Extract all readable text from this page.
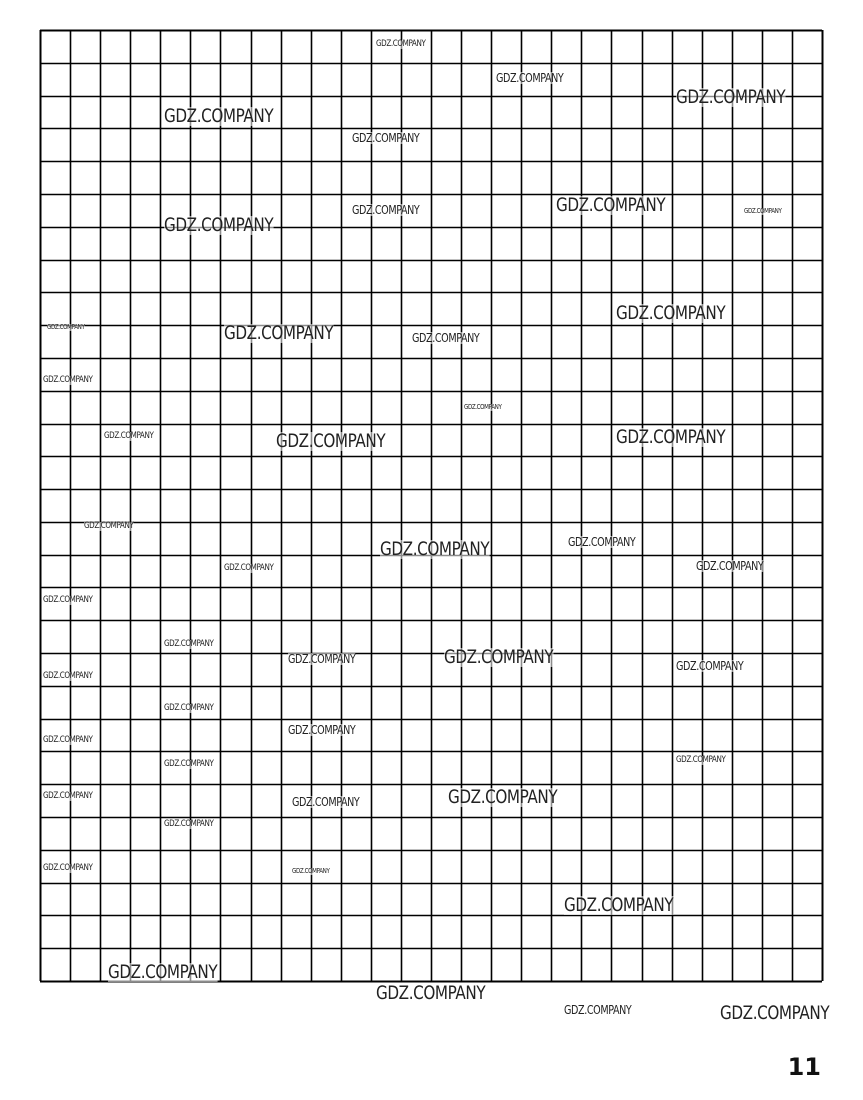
GDZ.COMPANY
GDZ.COMPANY
GDZ.COMPANY
GDZ.COMPANY
GDZ.COMPANY
GDZ.COMPANY	GDZ.COMPANY	GDZ.COMPANY
GDZ.COMPANY
GDZ.COMPANY
GDZ.COMPANY	GDZ.COMPANY	GDZ.COMPANY
GDZ.COMPANY
GDZ.COMPANY
GDZ.COMPANY	GDZ.COMPANY	GDZ.COMPANY
GDZ.COMPANY
GDZ.COMPANY
GDZ.COMPANY
GDZ.COMPANY	GDZ.COMPANY
GDZ.COMPANY
GDZ.COMPANY
GDZ.COMPANY
GDZ.COMPANY	GDZ.COMPANY
GDZ.COMPANY
GDZ.COMPANY
GDZ.COMPANY
GDZ.COMPANY
GDZ.COMPANY
GDZ.COMPANY
GDZ.COMPANY
GDZ.COMPANY	GDZ.COMPANY
GDZ.COMPANY
GDZ.COMPANY	GDZ.COMPANY
GDZ.COMPANY
GDZ.COMPANY
GDZ.COMPANY
GDZ.COMPANY	GDZ.COMPANY
11
